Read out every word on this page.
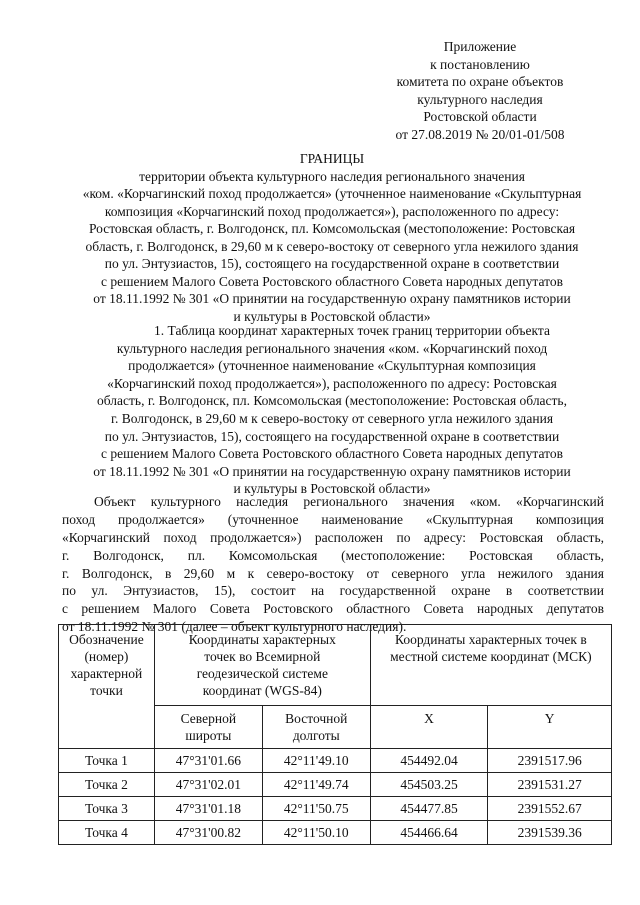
Приложение
к постановлению
комитета по охране объектов
культурного наследия
Ростовской области
от 27.08.2019 № 20/01-01/508
ГРАНИЦЫ
территории объекта культурного наследия регионального значения
«ком. «Корчагинский поход продолжается» (уточненное наименование «Скульптурная
композиция «Корчагинский поход продолжается»), расположенного по адресу:
Ростовская область, г. Волгодонск, пл. Комсомольская (местоположение: Ростовская
область, г. Волгодонск, в 29,60 м к северо-востоку от северного угла нежилого здания
по ул. Энтузиастов, 15), состоящего на государственной охране в соответствии
с решением Малого Совета Ростовского областного Совета народных депутатов
от 18.11.1992 № 301 «О принятии на государственную охрану памятников истории
и культуры в Ростовской области»
1. Таблица координат характерных точек границ территории объекта
культурного наследия регионального значения «ком. «Корчагинский поход
продолжается» (уточненное наименование «Скульптурная композиция
«Корчагинский поход продолжается»), расположенного по адресу: Ростовская
область, г. Волгодонск, пл. Комсомольская (местоположение: Ростовская область,
г. Волгодонск, в 29,60 м к северо-востоку от северного угла нежилого здания
по ул. Энтузиастов, 15), состоящего на государственной охране в соответствии
с решением Малого Совета Ростовского областного Совета народных депутатов
от 18.11.1992 № 301 «О принятии на государственную охрану памятников истории
и культуры в Ростовской области»
Объект культурного наследия регионального значения «ком. «Корчагинский
поход продолжается» (уточненное наименование «Скульптурная композиция
«Корчагинский поход продолжается») расположен по адресу: Ростовская область,
г. Волгодонск, пл. Комсомольская (местоположение: Ростовская область,
г. Волгодонск, в 29,60 м к северо-востоку от северного угла нежилого здания
по ул. Энтузиастов, 15), состоит на государственной охране в соответствии
с решением Малого Совета Ростовского областного Совета народных депутатов
от 18.11.1992 № 301 (далее – объект культурного наследия).
Обозначение (номер) характерной точки	Координаты характерных точек во Всемирной геодезической системе координат (WGS-84)		Координаты характерных точек в местной системе координат (МСК)	
	Северной широты	Восточной долготы	X	Y
Точка 1	47°31'01.66	42°11'49.10	454492.04	2391517.96
Точка 2	47°31'02.01	42°11'49.74	454503.25	2391531.27
Точка 3	47°31'01.18	42°11'50.75	454477.85	2391552.67
Точка 4	47°31'00.82	42°11'50.10	454466.64	2391539.36
